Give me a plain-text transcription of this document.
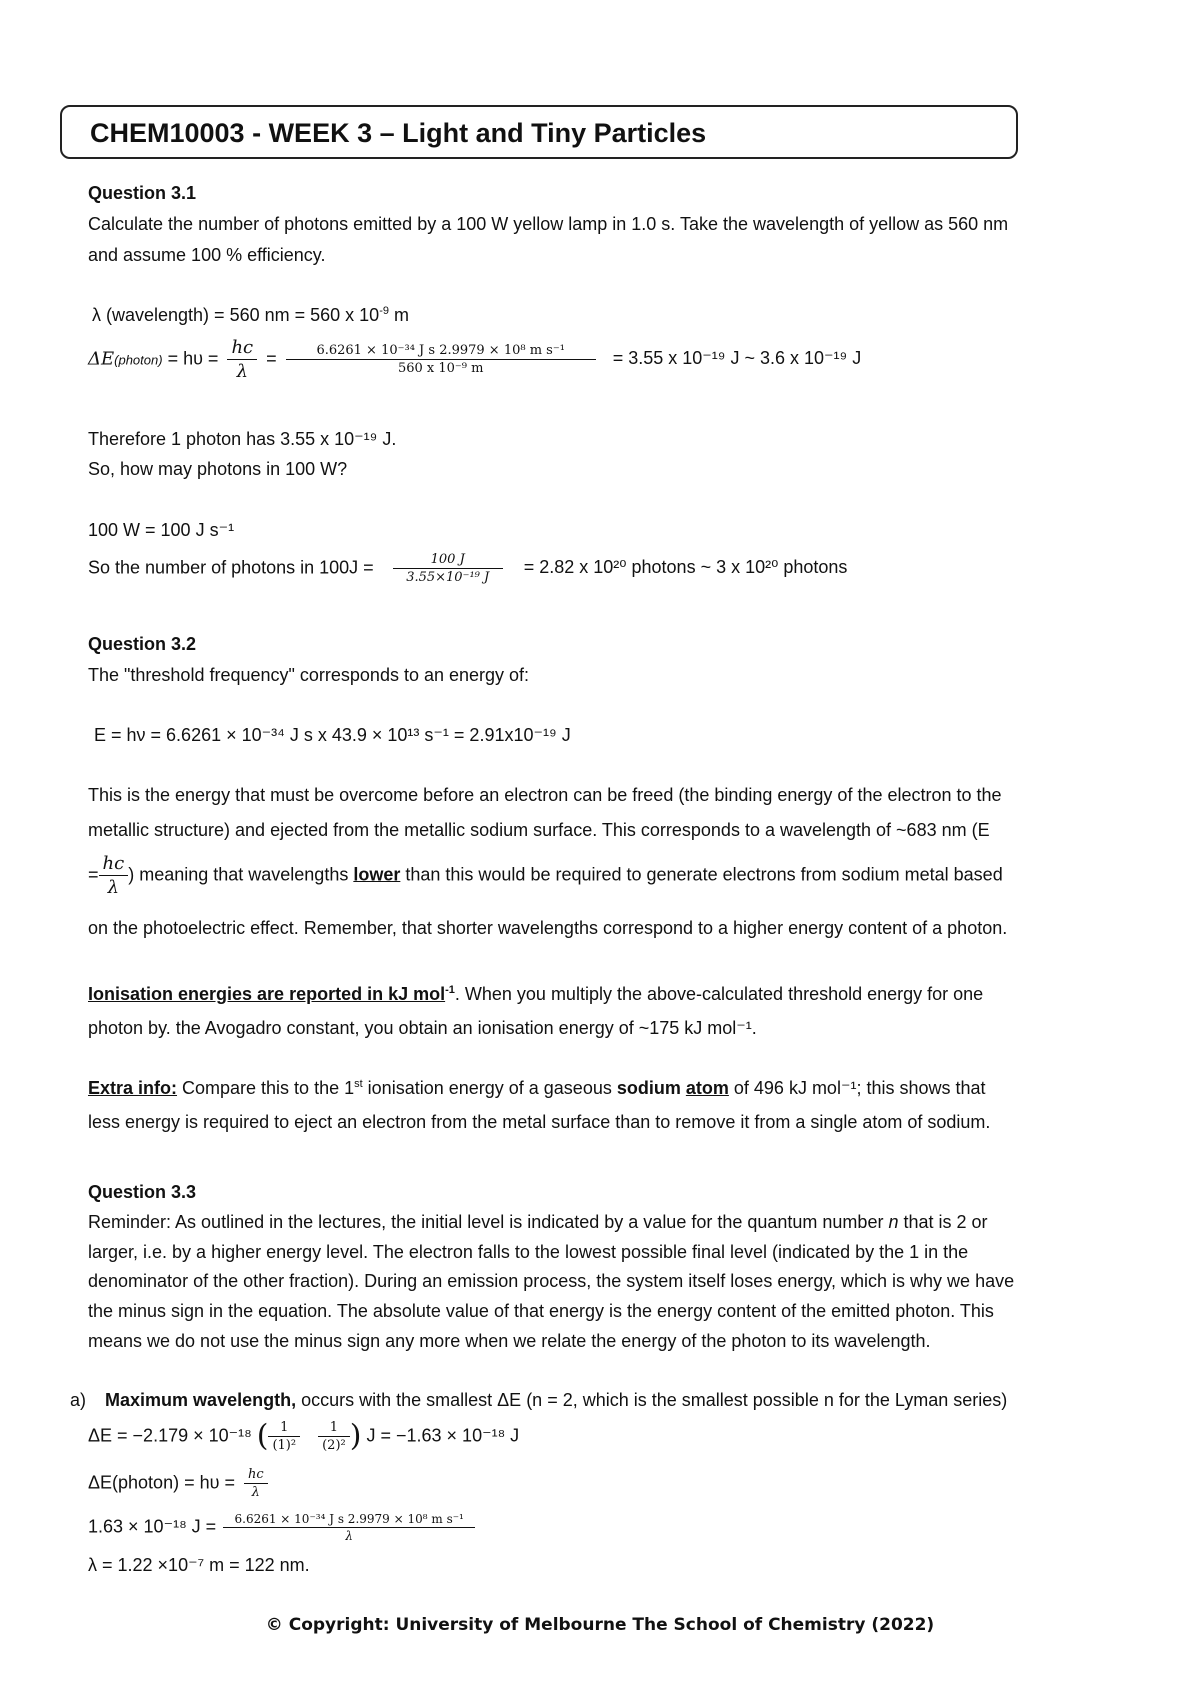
CHEM10003 - WEEK 3 – Light and Tiny Particles
Question 3.1
Calculate the number of photons emitted by a 100 W yellow lamp in 1.0 s. Take the wavelength of yellow as 560 nm
and assume 100 % efficiency.
λ (wavelength) = 560 nm = 560 x $10^{-9}$ m
ΔE(photon) = $h\upsilon = \frac{hc}{\lambda} = \frac{\text{6.6261 × 10⁻³⁴ J s 2.9979 × 10⁸ m s⁻¹}}{\text{560 x 10⁻⁹ m}} = 3.55$ x 10⁻¹⁹ J ~ 3.6 x 10⁻¹⁹ J
Therefore 1 photon has 3.55 x 10⁻¹⁹ J.
So, how may photons in 100 W?
100 W = 100 J s⁻¹
So the number of photons in $100J = \frac{100 J}{\text{3.55×10⁻¹⁹ J}} = 2.82$ x 10²⁰ photons ~ 3 x 10²⁰ photons
Question 3.2
The "threshold frequency" corresponds to an energy of:
E = hν = 6.6261 × 10⁻³⁴ J s x 43.9 × 10¹³ s⁻¹ = 2.91x10⁻¹⁹ J
This is the energy that must be overcome before an electron can be freed (the binding energy of the electron to the
metallic structure) and ejected from the metallic sodium surface. This corresponds to a wavelength of ~683 nm (E
= $\frac{hc}{\lambda}$ ) meaning that wavelengths lower than this would be required to generate electrons from sodium metal based
on the photoelectric effect. Remember, that shorter wavelengths correspond to a higher energy content of a photon.
Ionisation energies are reported in kJ mol$^{-1}$. When you multiply the above-calculated threshold energy for one
photon by. the Avogadro constant, you obtain an ionisation energy of ~175 kJ mol⁻¹.
Extra info: Compare this to the 1st ionisation energy of a gaseous sodium atom of 496 kJ mol⁻¹; this shows that
less energy is required to eject an electron from the metal surface than to remove it from a single atom of sodium.
Question 3.3
Reminder: As outlined in the lectures, the initial level is indicated by a value for the quantum number n that is 2 or
larger, i.e. by a higher energy level. The electron falls to the lowest possible final level (indicated by the 1 in the
denominator of the other fraction). During an emission process, the system itself loses energy, which is why we have
the minus sign in the equation. The absolute value of that energy is the energy content of the emitted photon. This
means we do not use the minus sign any more when we relate the energy of the photon to its wavelength.
a) Maximum wavelength, occurs with the smallest ΔE (n = 2, which is the smallest possible n for the Lyman series)
ΔE = −2.179 × 10⁻¹⁸ ( $\frac{1}{\text{(1)²}} \frac{1}{\text{(2)²}}$ ) J = −1.63 × 10⁻¹⁸ J
ΔE(photon) = $h\upsilon = \frac{hc}{\lambda}$
1.63 × 10⁻¹⁸ $J = \frac{\text{6.6261 × 10⁻³⁴ J s 2.9979 × 10⁸ m s⁻¹}}{\lambda}$
λ = 1.22 ×10⁻⁷ m = 122 nm.
© Copyright: University of Melbourne The School of Chemistry (2022)
